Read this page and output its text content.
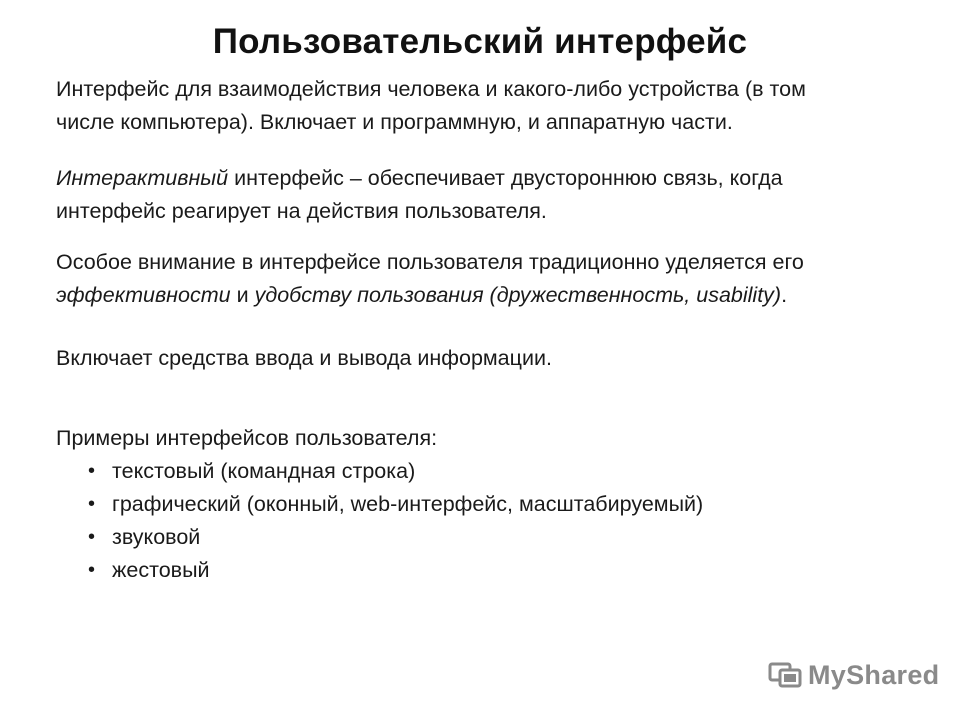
Пользовательский интерфейс
Интерфейс для взаимодействия человека и какого-либо устройства (в том
числе компьютера). Включает и программную, и аппаратную части.
Интерактивный интерфейс – обеспечивает двустороннюю связь, когда
интерфейс реагирует на действия пользователя.
Особое внимание в интерфейсе пользователя традиционно уделяется его
эффективности и удобству пользования (дружественность, usability).
Включает средства ввода и вывода информации.
Примеры интерфейсов пользователя:
• текстовый (командная строка)
• графический (оконный, web-интерфейс, масштабируемый)
• звуковой
• жестовый
MyShared
